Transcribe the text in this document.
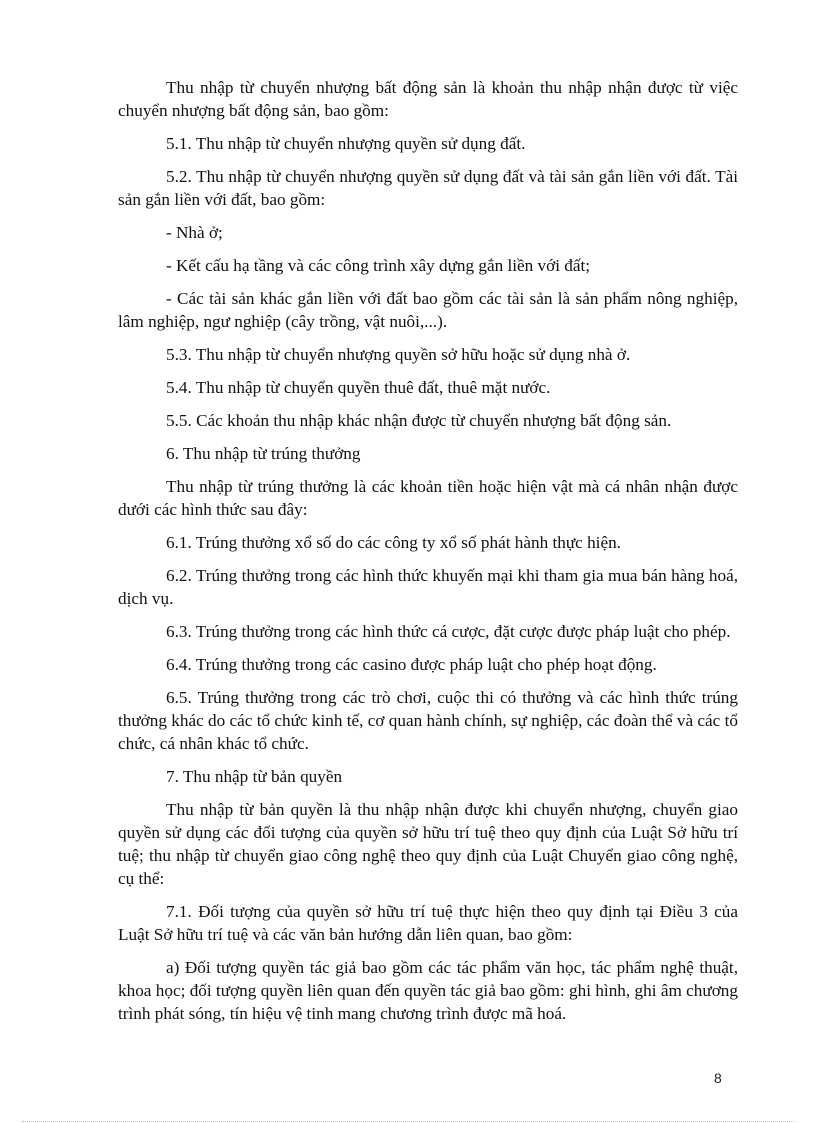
Thu nhập từ chuyển nhượng bất động sản là khoản thu nhập nhận được từ việc chuyển nhượng bất động sản, bao gồm:

5.1. Thu nhập từ chuyển nhượng quyền sử dụng đất.

5.2. Thu nhập từ chuyển nhượng quyền sử dụng đất và tài sản gắn liền với đất. Tài sản gắn liền với đất, bao gồm:

- Nhà ở;

- Kết cấu hạ tầng và các công trình xây dựng gắn liền với đất;

- Các tài sản khác gắn liền với đất bao gồm các tài sản là sản phẩm nông nghiệp, lâm nghiệp, ngư nghiệp (cây trồng, vật nuôi,...).

5.3. Thu nhập từ chuyển nhượng quyền sở hữu hoặc sử dụng nhà ở.

5.4. Thu nhập từ chuyển quyền thuê đất, thuê mặt nước.

5.5. Các khoản thu nhập khác nhận được từ chuyển nhượng bất động sản.

6. Thu nhập từ trúng thưởng

Thu nhập từ trúng thưởng là các khoản tiền hoặc hiện vật mà cá nhân nhận được dưới các hình thức sau đây:

6.1. Trúng thưởng xổ số do các công ty xổ số phát hành thực hiện.

6.2. Trúng thưởng trong các hình thức khuyến mại khi tham gia mua bán hàng hoá, dịch vụ.

6.3. Trúng thưởng trong các hình thức cá cược, đặt cược được pháp luật cho phép.

6.4. Trúng thưởng trong các casino được pháp luật cho phép hoạt động.

6.5. Trúng thưởng trong các trò chơi, cuộc thi có thưởng và các hình thức trúng thưởng khác do các tổ chức kinh tế, cơ quan hành chính, sự nghiệp, các đoàn thể và các tổ chức, cá nhân khác tổ chức.

7. Thu nhập từ bản quyền

Thu nhập từ bản quyền là thu nhập nhận được khi chuyển nhượng, chuyển giao quyền sử dụng các đối tượng của quyền sở hữu trí tuệ theo quy định của Luật Sở hữu trí tuệ; thu nhập từ chuyển giao công nghệ theo quy định của Luật Chuyển giao công nghệ, cụ thể:

7.1. Đối tượng của quyền sở hữu trí tuệ thực hiện theo quy định tại Điều 3 của Luật Sở hữu trí tuệ và các văn bản hướng dẫn liên quan, bao gồm:

a) Đối tượng quyền tác giả bao gồm các tác phẩm văn học, tác phẩm nghệ thuật, khoa học; đối tượng quyền liên quan đến quyền tác giả bao gồm: ghi hình, ghi âm chương trình phát sóng, tín hiệu vệ tinh mang chương trình được mã hoá.

8
